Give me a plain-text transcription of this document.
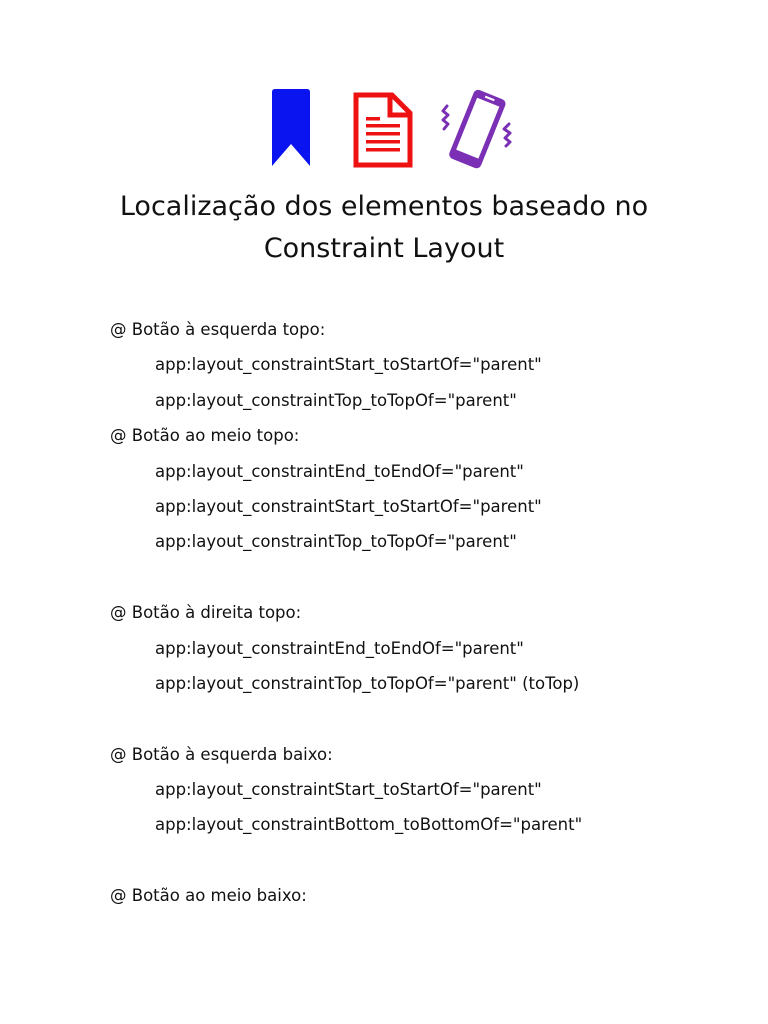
Localização dos elementos baseado no
Constraint Layout
@ Botão à esquerda topo:
app:layout_constraintStart_toStartOf="parent"
app:layout_constraintTop_toTopOf="parent"
@ Botão ao meio topo:
app:layout_constraintEnd_toEndOf="parent"
app:layout_constraintStart_toStartOf="parent"
app:layout_constraintTop_toTopOf="parent"
@ Botão à direita topo:
app:layout_constraintEnd_toEndOf="parent"
app:layout_constraintTop_toTopOf="parent" (toTop)
@ Botão à esquerda baixo:
app:layout_constraintStart_toStartOf="parent"
app:layout_constraintBottom_toBottomOf="parent"
@ Botão ao meio baixo:
